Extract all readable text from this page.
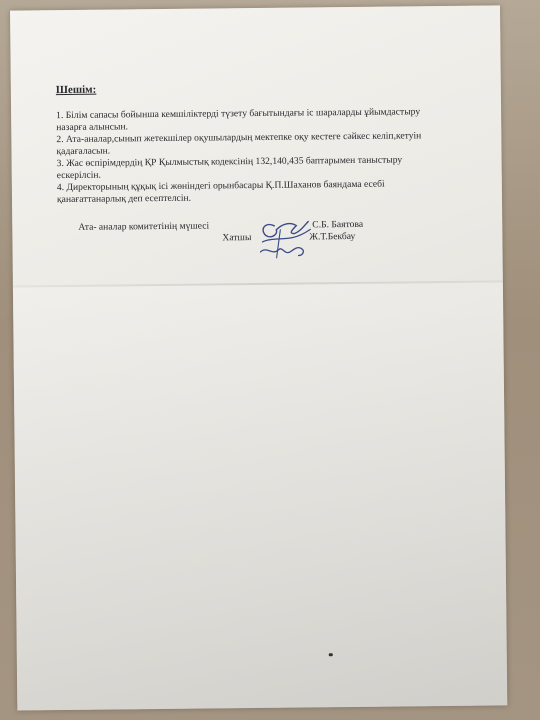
Шешім:
1. Білім сапасы бойынша кемшіліктерді түзету бағытындағы іс шараларды ұйымдастыру
назарға алынсын.
2. Ата-аналар,сынып жетекшілер оқушылардың мектепке оқу кестеге сәйкес келіп,кетуін
қадағаласын.
3. Жас өспірімдердің ҚР Қылмыстық кодексінің 132,140,435 баптарымен таныстыру
ескерілсін.
4. Директорының құқық ісі жөніндегі орынбасары Қ.П.Шаханов баяндама есебі
қанағаттанарлық деп есептелсін.
Ата- аналар комитетінің мүшесі
Хатшы
С.Б. Баятова
Ж.Т.Бекбау
